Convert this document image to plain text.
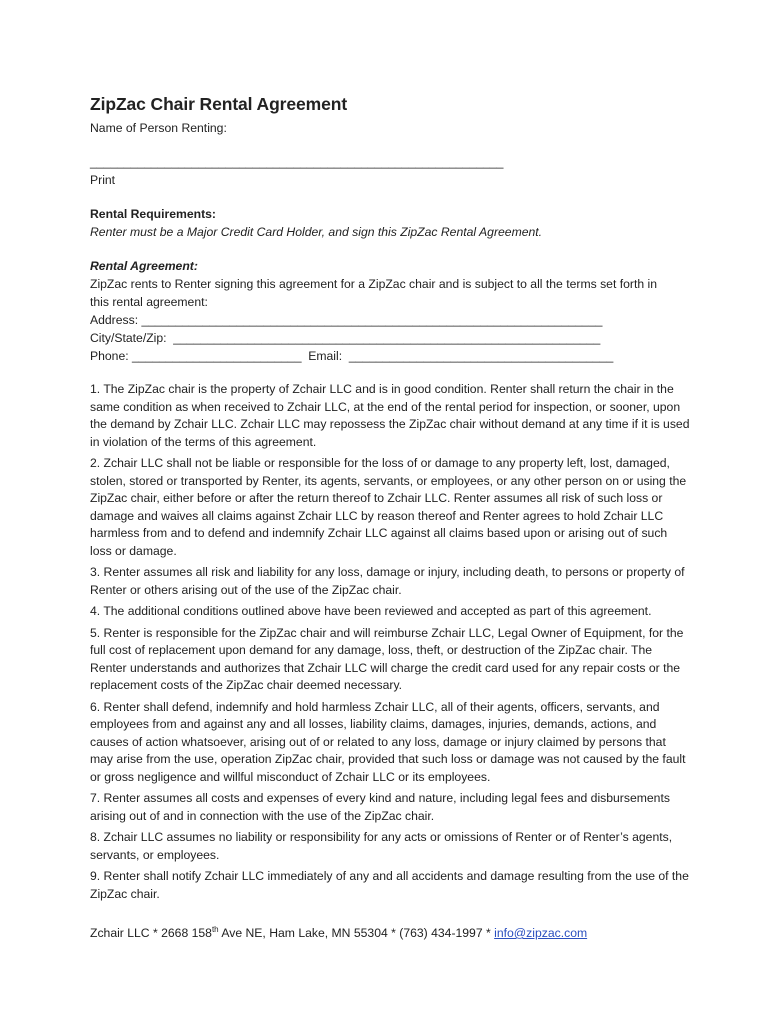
ZipZac Chair Rental Agreement
Name of Person Renting:
_____________________________________________________________
Print
Rental Requirements:
Renter must be a Major Credit Card Holder, and sign this ZipZac Rental Agreement.
Rental Agreement:
ZipZac rents to Renter signing this agreement for a ZipZac chair and is subject to all the terms set forth in
this rental agreement:
Address: ____________________________________________________________________
City/State/Zip:  _______________________________________________________________
Phone: _________________________  Email:  _______________________________________

1. The ZipZac chair is the property of Zchair LLC and is in good condition. Renter shall return the chair in the same condition as when received to Zchair LLC, at the end of the rental period for inspection, or sooner, upon the demand by Zchair LLC. Zchair LLC may repossess the ZipZac chair without demand at any time if it is used in violation of the terms of this agreement.

2. Zchair LLC shall not be liable or responsible for the loss of or damage to any property left, lost, damaged, stolen, stored or transported by Renter, its agents, servants, or employees, or any other person on or using the ZipZac chair, either before or after the return thereof to Zchair LLC. Renter assumes all risk of such loss or damage and waives all claims against Zchair LLC by reason thereof and Renter agrees to hold Zchair LLC harmless from and to defend and indemnify Zchair LLC against all claims based upon or arising out of such loss or damage.

3. Renter assumes all risk and liability for any loss, damage or injury, including death, to persons or property of Renter or others arising out of the use of the ZipZac chair.

4. The additional conditions outlined above have been reviewed and accepted as part of this agreement.

5. Renter is responsible for the ZipZac chair and will reimburse Zchair LLC, Legal Owner of Equipment, for the full cost of replacement upon demand for any damage, loss, theft, or destruction of the ZipZac chair. The Renter understands and authorizes that Zchair LLC will charge the credit card used for any repair costs or the replacement costs of the ZipZac chair deemed necessary.

6. Renter shall defend, indemnify and hold harmless Zchair LLC, all of their agents, officers, servants, and employees from and against any and all losses, liability claims, damages, injuries, demands, actions, and causes of action whatsoever, arising out of or related to any loss, damage or injury claimed by persons that may arise from the use, operation ZipZac chair, provided that such loss or damage was not caused by the fault or gross negligence and willful misconduct of Zchair LLC or its employees.

7. Renter assumes all costs and expenses of every kind and nature, including legal fees and disbursements arising out of and in connection with the use of the ZipZac chair.

8. Zchair LLC assumes no liability or responsibility for any acts or omissions of Renter or of Renter’s agents, servants, or employees.

9. Renter shall notify Zchair LLC immediately of any and all accidents and damage resulting from the use of the ZipZac chair.

Zchair LLC * 2668 158th Ave NE, Ham Lake, MN 55304 * (763) 434-1997 * info@zipzac.com
